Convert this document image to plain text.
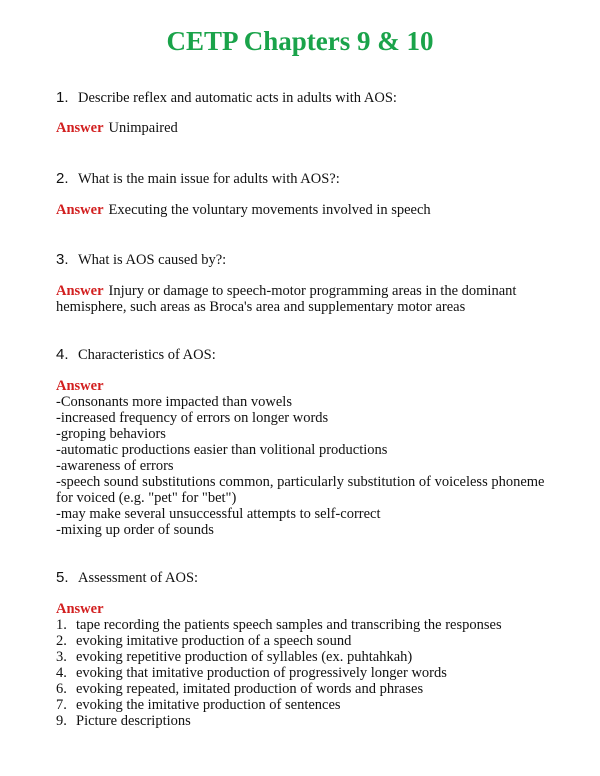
CETP Chapters 9 & 10
1. Describe reflex and automatic acts in adults with AOS:
Answer Unimpaired
2. What is the main issue for adults with AOS?:
Answer Executing the voluntary movements involved in speech
3. What is AOS caused by?:
Answer Injury or damage to speech-motor programming areas in the dominant hemisphere, such areas as Broca's area and supplementary motor areas
4. Characteristics of AOS:
Answer
-Consonants more impacted than vowels
-increased frequency of errors on longer words
-groping behaviors
-automatic productions easier than volitional productions
-awareness of errors
-speech sound substitutions common, particularly substitution of voiceless phoneme for voiced (e.g. "pet" for "bet")
-may make several unsuccessful attempts to self-correct
-mixing up order of sounds
5. Assessment of AOS:
Answer
1. tape recording the patients speech samples and transcribing the responses
2. evoking imitative production of a speech sound
3. evoking repetitive production of syllables (ex. puhtahkah)
4. evoking that imitative production of progressively longer words
6. evoking repeated, imitated production of words and phrases
7. evoking the imitative production of sentences
9. Picture descriptions
